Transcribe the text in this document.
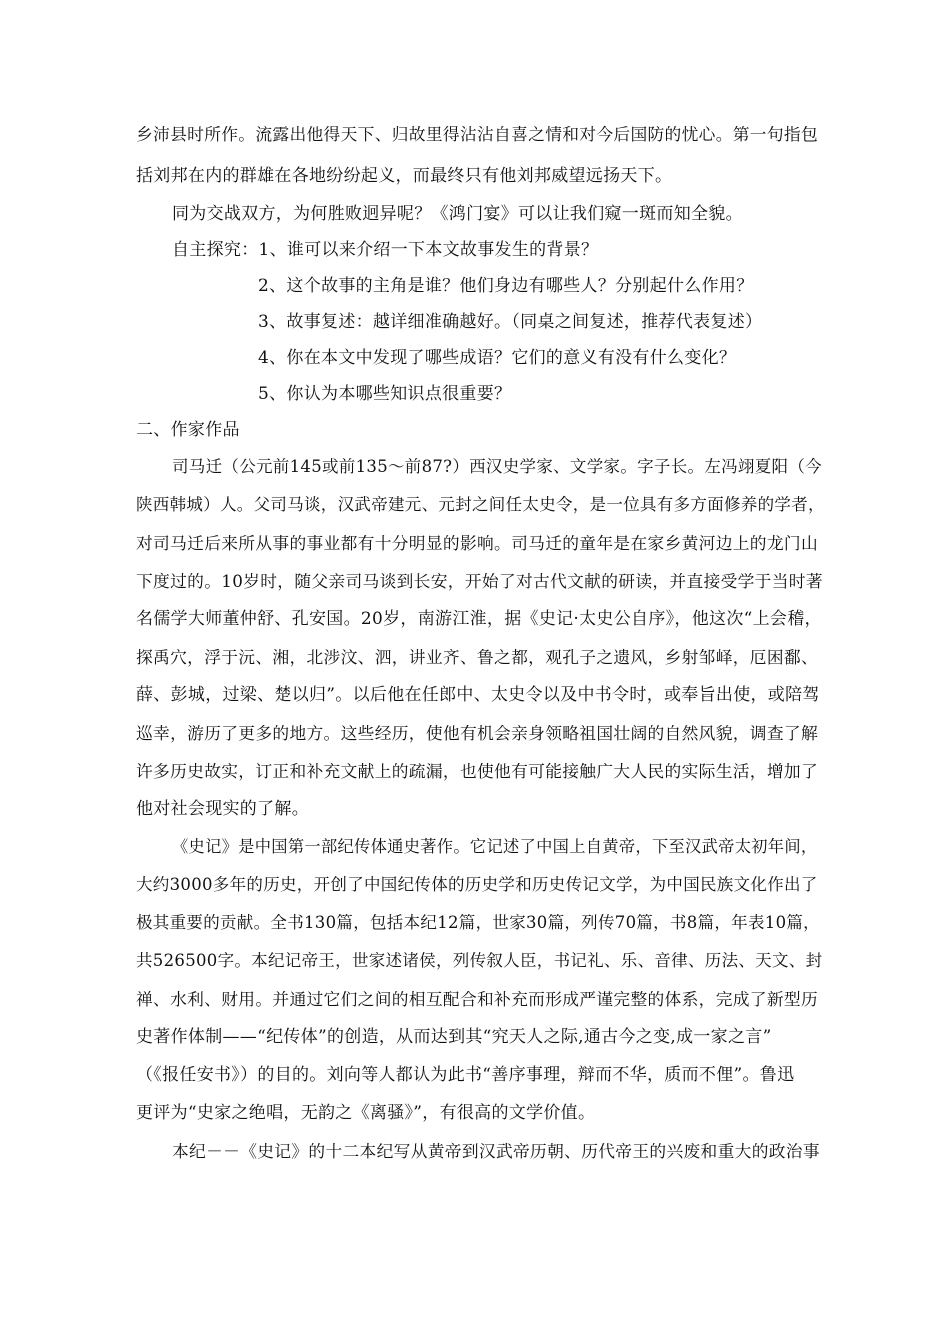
乡沛县时所作。流露出他得天下、归故里得沾沾自喜之情和对今后国防的忧心。第一句指包
括刘邦在内的群雄在各地纷纷起义，而最终只有他刘邦威望远扬天下。
同为交战双方，为何胜败迥异呢？《鸿门宴》可以让我们窥一斑而知全貌。
自主探究：1、谁可以来介绍一下本文故事发生的背景？
2、这个故事的主角是谁？他们身边有哪些人？分别起什么作用？
3、故事复述：越详细准确越好。（同桌之间复述，推荐代表复述）
4、你在本文中发现了哪些成语？它们的意义有没有什么变化？
5、你认为本哪些知识点很重要？
二、作家作品
司马迁（公元前145或前135～前87?）西汉史学家、文学家。字子长。左冯翊夏阳（今
陕西韩城）人。父司马谈，汉武帝建元、元封之间任太史令，是一位具有多方面修养的学者，
对司马迁后来所从事的事业都有十分明显的影响。司马迁的童年是在家乡黄河边上的龙门山
下度过的。10岁时，随父亲司马谈到长安，开始了对古代文献的研读，并直接受学于当时著
名儒学大师董仲舒、孔安国。20岁，南游江淮，据《史记·太史公自序》，他这次“上会稽，
探禹穴，浮于沅、湘，北涉汶、泗，讲业齐、鲁之都，观孔子之遗风，乡射邹峄，厄困鄱、
薛、彭城，过梁、楚以归”。以后他在任郎中、太史令以及中书令时，或奉旨出使，或陪驾
巡幸，游历了更多的地方。这些经历，使他有机会亲身领略祖国壮阔的自然风貌，调查了解
许多历史故实，订正和补充文献上的疏漏，也使他有可能接触广大人民的实际生活，增加了
他对社会现实的了解。
《史记》是中国第一部纪传体通史著作。它记述了中国上自黄帝，下至汉武帝太初年间，
大约3000多年的历史，开创了中国纪传体的历史学和历史传记文学，为中国民族文化作出了
极其重要的贡献。全书130篇，包括本纪12篇，世家30篇，列传70篇，书8篇，年表10篇，
共526500字。本纪记帝王，世家述诸侯，列传叙人臣，书记礼、乐、音律、历法、天文、封
禅、水利、财用。并通过它们之间的相互配合和补充而形成严谨完整的体系，完成了新型历
史著作体制——“纪传体”的创造，从而达到其“究天人之际,通古今之变,成一家之言”
（《报任安书》）的目的。刘向等人都认为此书“善序事理，辩而不华，质而不俚”。鲁迅
更评为“史家之绝唱，无韵之《离骚》”，有很高的文学价值。
本纪－－《史记》的十二本纪写从黄帝到汉武帝历朝、历代帝王的兴废和重大的政治事
